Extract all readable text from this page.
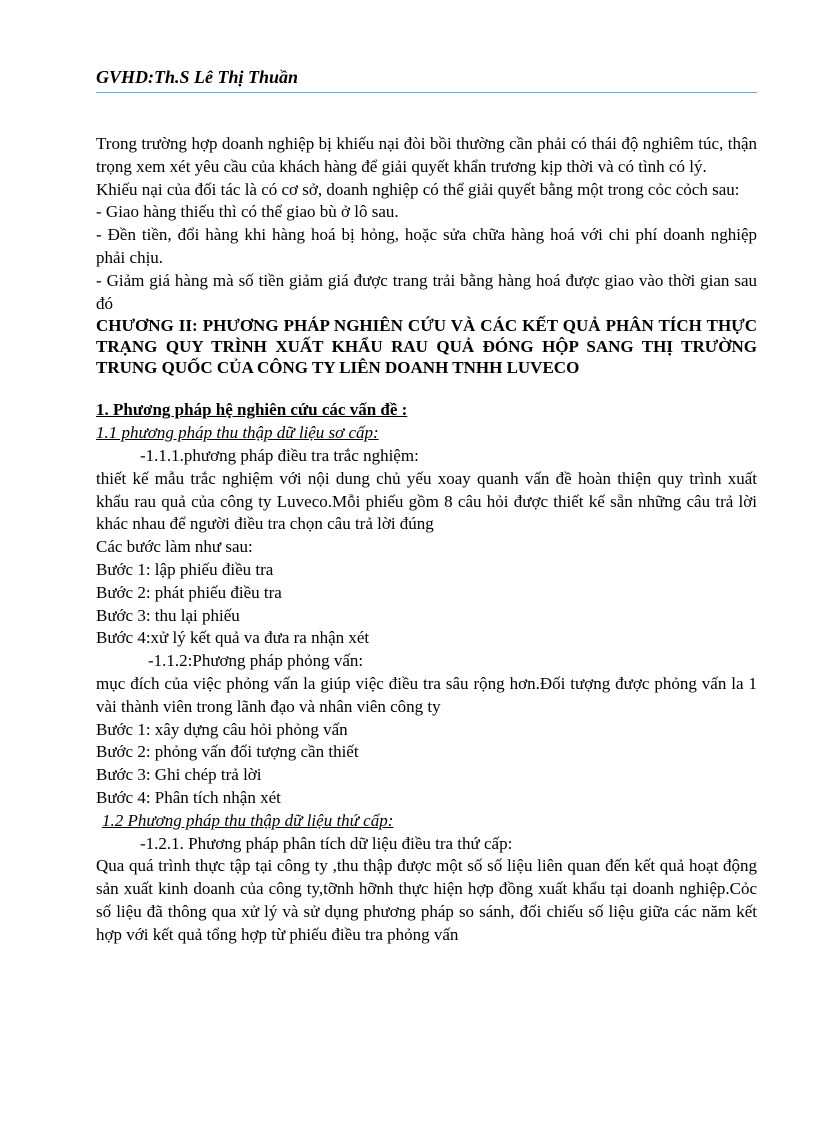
GVHD:Th.S Lê Thị Thuần

Trong trường hợp doanh nghiệp bị khiếu nại đòi bồi thường cần phải có thái độ nghiêm túc, thận trọng xem xét yêu cầu của khách hàng để giải quyết khẩn trương kịp thời và có tình có lý.

Khiếu nại của đối tác là có cơ sở, doanh nghiệp có thể giải quyết bằng một trong cỏc cỏch sau:

- Giao hàng thiếu thì có thể giao bù ở lô sau.

- Đền tiền, đổi hàng khi hàng hoá bị hỏng, hoặc sửa chữa hàng hoá với chi phí doanh nghiệp phải chịu.

- Giảm giá hàng mà số tiền giảm giá được trang trải bằng hàng hoá được giao vào thời gian sau đó

CHƯƠNG II: PHƯƠNG PHÁP NGHIÊN CỨU VÀ CÁC KẾT QUẢ PHÂN TÍCH THỰC TRẠNG QUY TRÌNH XUẤT KHẨU RAU QUẢ ĐÓNG HỘP SANG THỊ TRƯỜNG TRUNG QUỐC CỦA CÔNG TY LIÊN DOANH TNHH LUVECO

1. Phương pháp hệ nghiên cứu các vấn đề :

1.1 phương pháp thu thập dữ liệu sơ cấp:

-1.1.1.phương pháp điều tra trắc nghiệm:

thiết kế mẫu trắc nghiệm với nội dung chủ yếu xoay quanh vấn đề hoàn thiện quy trình xuất khẩu rau quả của công ty Luveco.Mỗi phiếu gồm 8 câu hỏi được thiết kế sẵn những câu trả lời khác nhau để người điều tra chọn câu trả lời đúng

Các bước làm như sau:

Bước 1: lập phiếu điều tra

Bước 2: phát phiếu điều tra

Bước 3: thu lại phiếu

Bước 4:xử lý kết quả va đưa ra nhận xét

-1.1.2:Phương pháp phỏng vấn:

mục đích của việc phỏng vấn la giúp việc điều tra sâu rộng hơn.Đối tượng được phỏng vấn la 1 vài thành viên trong lãnh đạo và nhân viên công ty

Bước 1: xây dựng câu hỏi phỏng vấn

Bước 2: phỏng vấn đối tượng cần thiết

Bước 3: Ghi chép trả lời

Bước 4: Phân tích nhận xét

1.2 Phương pháp thu thập dữ liệu thứ cấp:

-1.2.1. Phương pháp phân tích dữ liệu điều tra thứ cấp:

Qua quá trình thực tập tại công ty ,thu thập được một số số liệu liên quan đến kết quả hoạt động sản xuất kinh doanh của công ty,tỡnh hỡnh thực hiện hợp đồng xuất khẩu tại doanh nghiệp.Cỏc số liệu đã thông qua xử lý và sử dụng phương pháp so sánh, đối chiếu số liệu giữa các năm kết hợp với kết quả tổng hợp từ phiếu điều tra phỏng vấn
